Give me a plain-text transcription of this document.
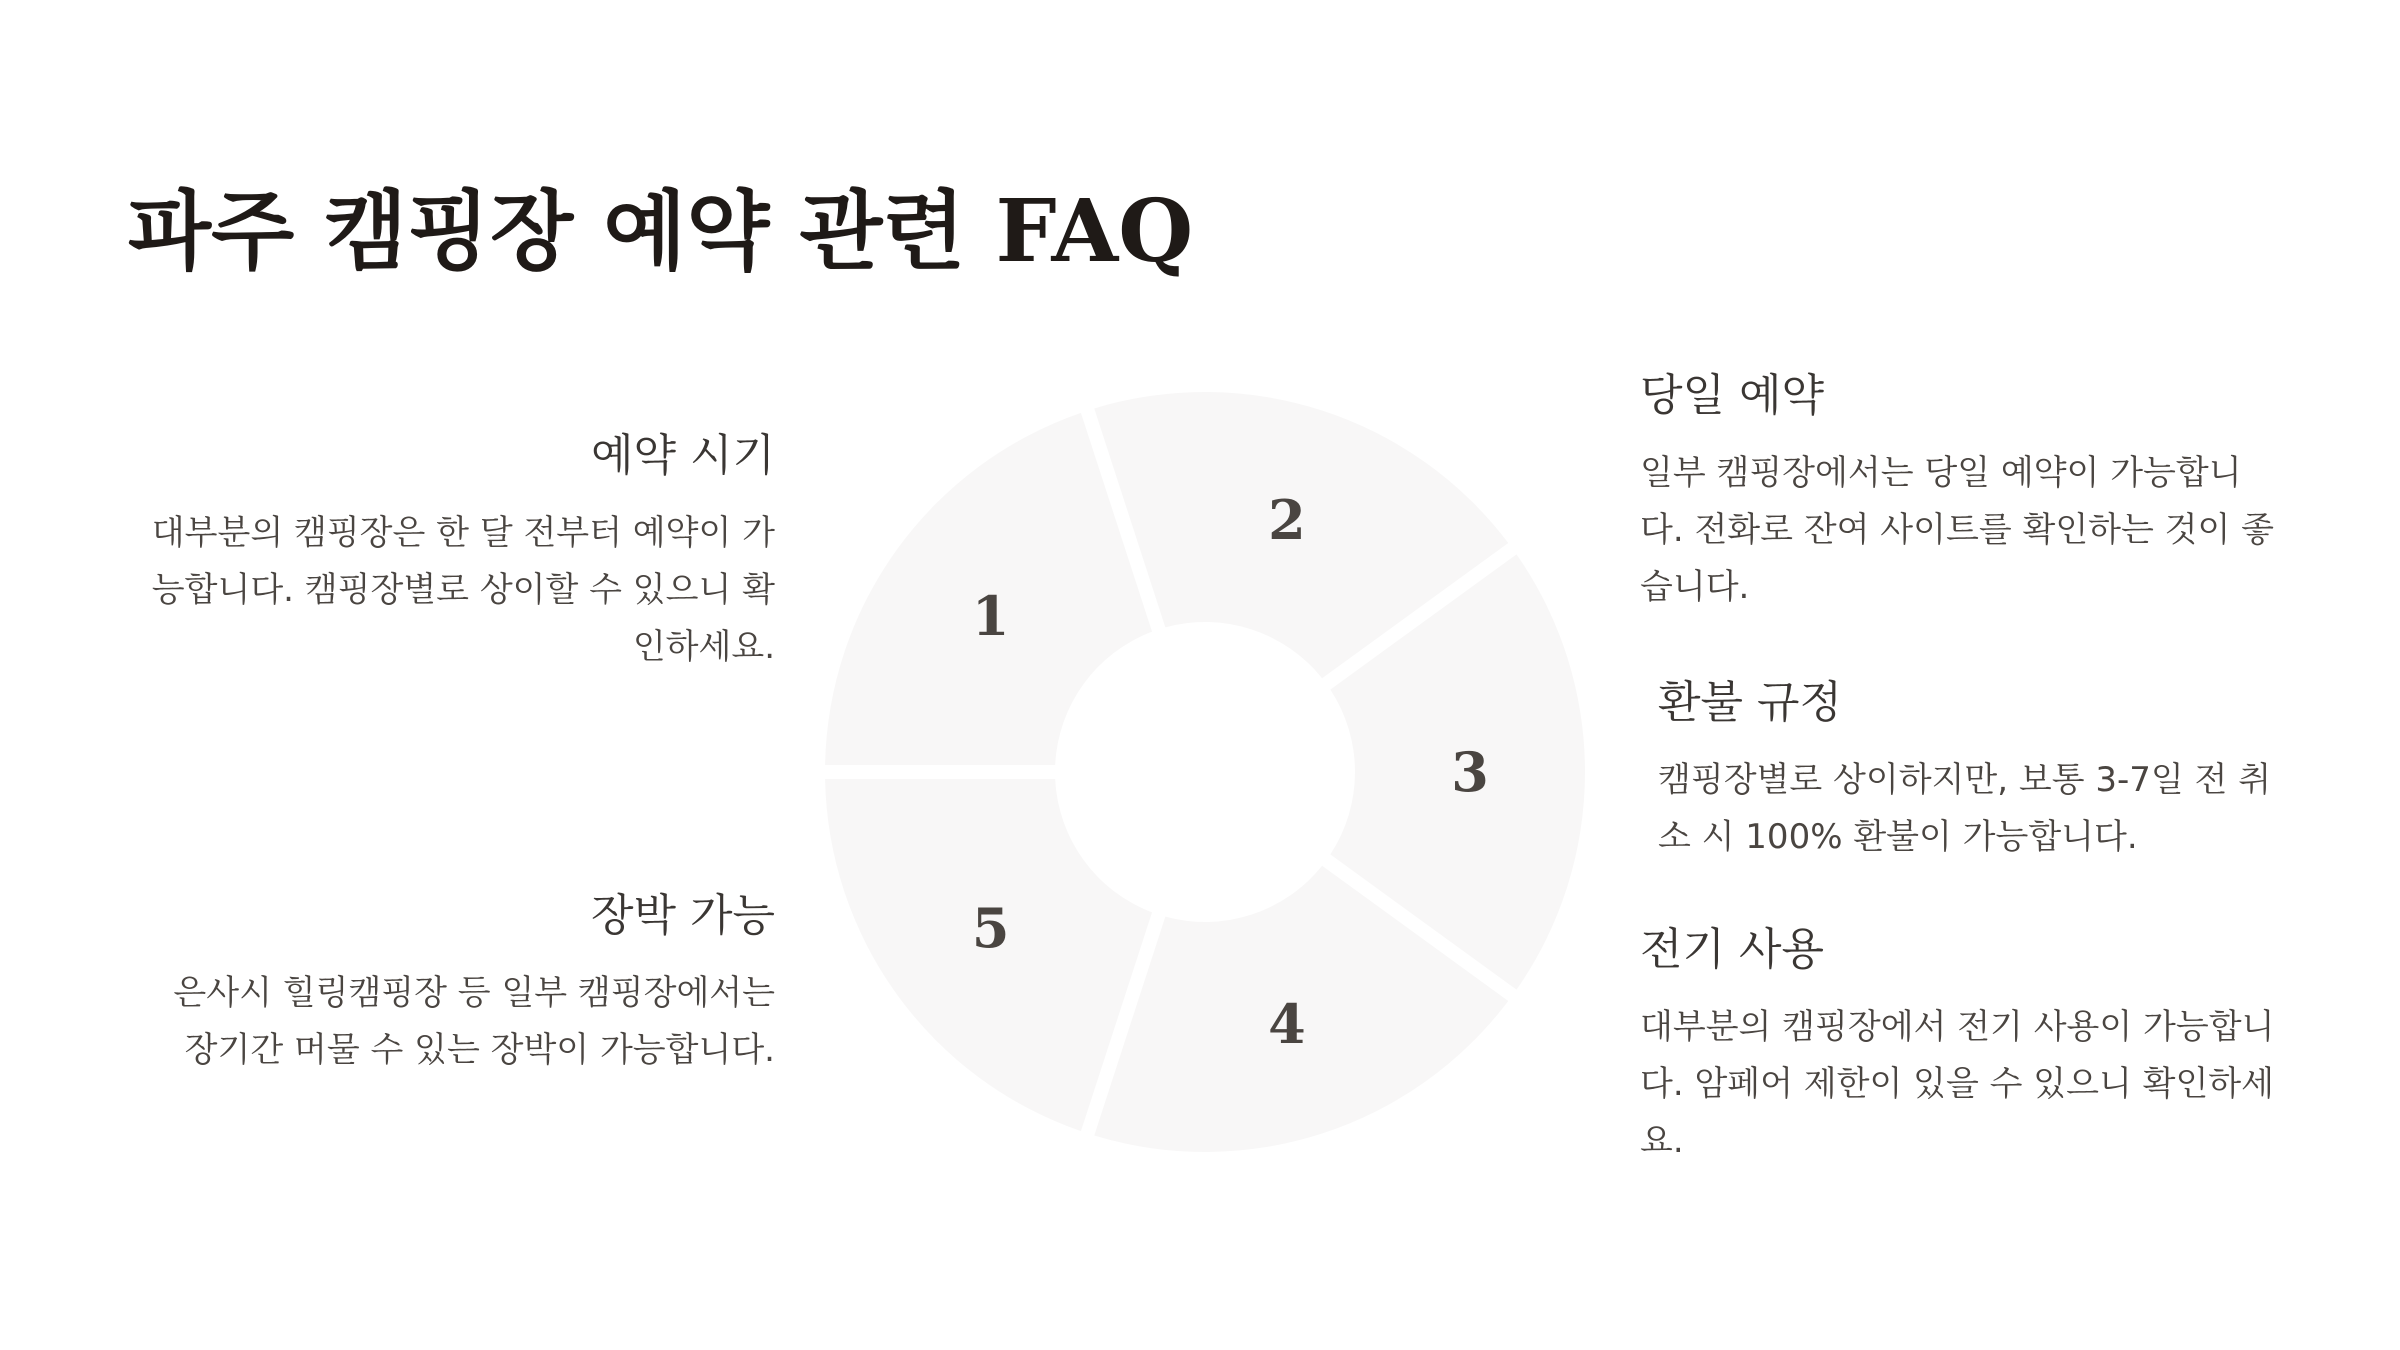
파주 캠핑장 예약 관련 FAQ
1
2
3
4
5
예약 시기

대부분의 캠핑장은 한 달 전부터 예약이 가능합니다. 캠핑장별로 상이할 수 있으니 확인하세요.

장박 가능

은사시 힐링캠핑장 등 일부 캠핑장에서는 장기간 머물 수 있는 장박이 가능합니다.

당일 예약

일부 캠핑장에서는 당일 예약이 가능합니다. 전화로 잔여 사이트를 확인하는 것이 좋습니다.

환불 규정

캠핑장별로 상이하지만, 보통 3-7일 전 취소 시 100% 환불이 가능합니다.

전기 사용

대부분의 캠핑장에서 전기 사용이 가능합니다. 암페어 제한이 있을 수 있으니 확인하세요.
